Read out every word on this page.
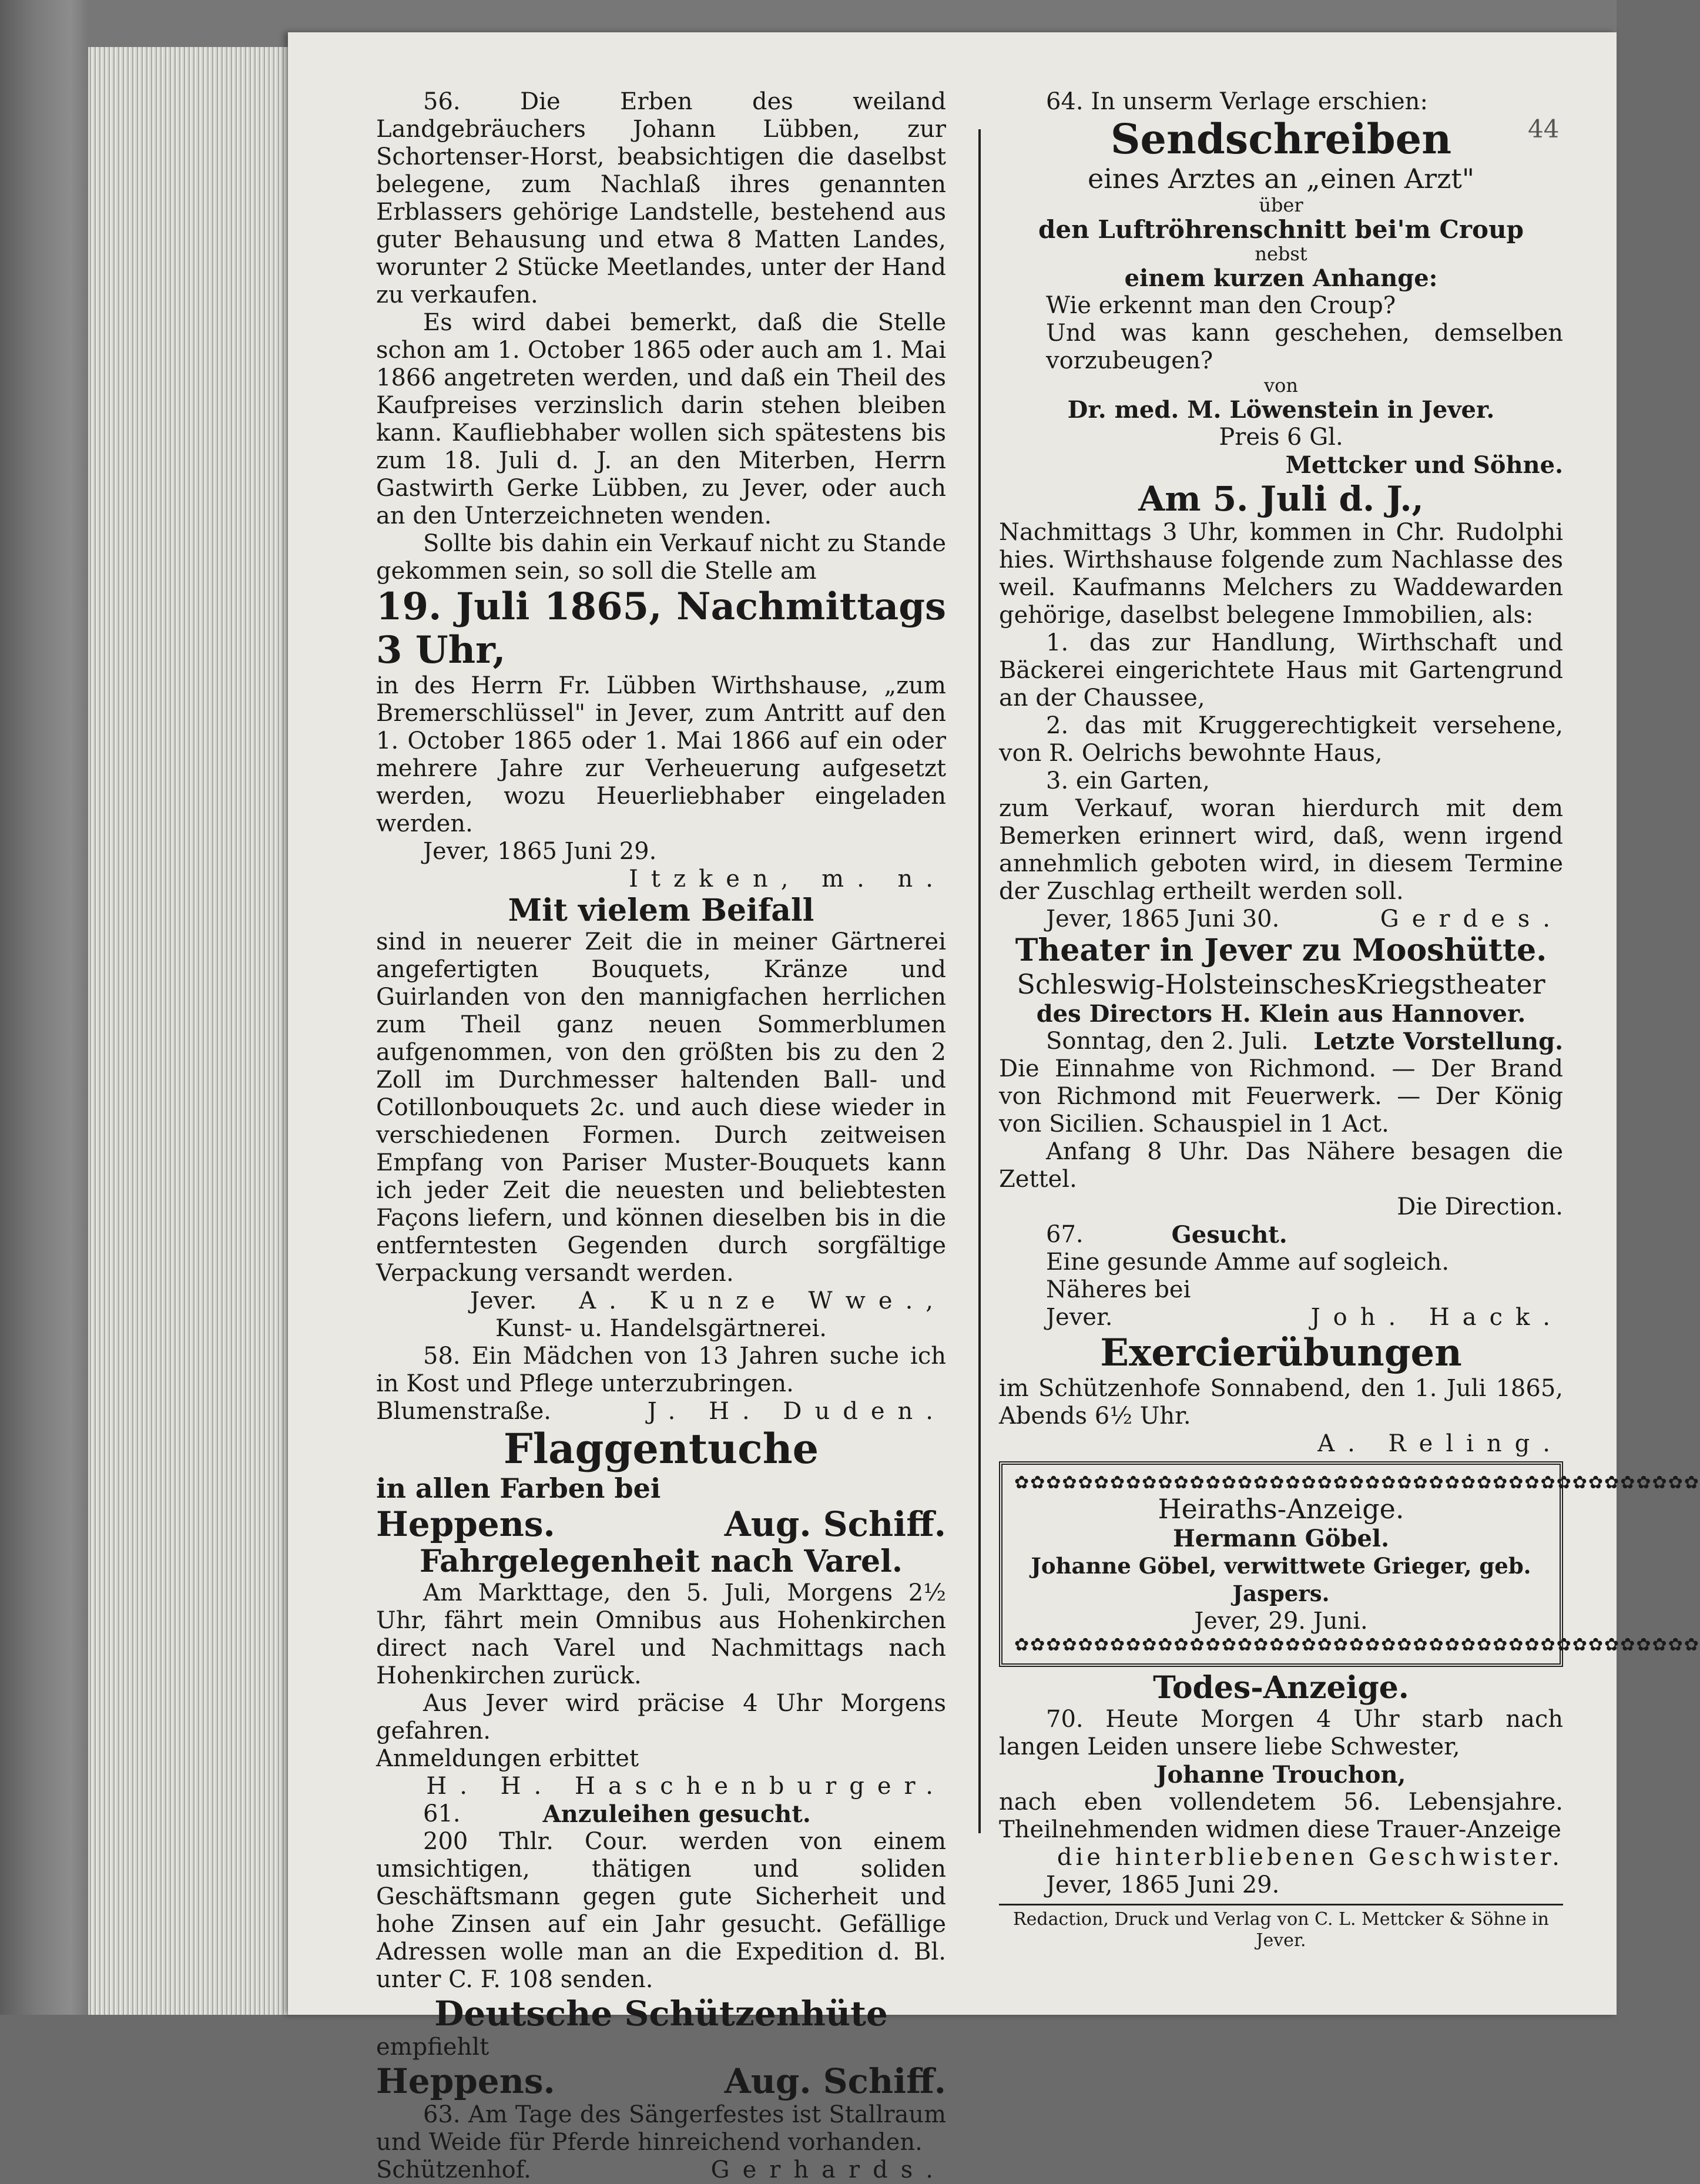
44

56. Die Erben des weiland Landgebräuchers Johann Lübben, zur Schortenser-Horst, beabsichtigen die daselbst belegene, zum Nachlaß ihres genannten Erblassers gehörige Landstelle, bestehend aus guter Behausung und etwa 8 Matten Landes, worunter 2 Stücke Meetlandes, unter der Hand zu verkaufen.

Es wird dabei bemerkt, daß die Stelle schon am 1. October 1865 oder auch am 1. Mai 1866 angetreten werden, und daß ein Theil des Kaufpreises verzinslich darin stehen bleiben kann. Kaufliebhaber wollen sich spätestens bis zum 18. Juli d. J. an den Miterben, Herrn Gastwirth Gerke Lübben, zu Jever, oder auch an den Unterzeichneten wenden.

Sollte bis dahin ein Verkauf nicht zu Stande gekommen sein, so soll die Stelle am

19. Juli 1865, Nachmittags 3 Uhr,

in des Herrn Fr. Lübben Wirthshause, „zum Bremerschlüssel" in Jever, zum Antritt auf den 1. October 1865 oder 1. Mai 1866 auf ein oder mehrere Jahre zur Verheuerung aufgesetzt werden, wozu Heuerliebhaber eingeladen werden.

Jever, 1865 Juni 29.

Itzken, m. n.

Mit vielem Beifall

sind in neuerer Zeit die in meiner Gärtnerei angefertigten Bouquets, Kränze und Guirlanden von den mannigfachen herrlichen zum Theil ganz neuen Sommerblumen aufgenommen, von den größten bis zu den 2 Zoll im Durchmesser haltenden Ball- und Cotillonbouquets 2c. und auch diese wieder in verschiedenen Formen. Durch zeitweisen Empfang von Pariser Muster-Bouquets kann ich jeder Zeit die neuesten und beliebtesten Façons liefern, und können dieselben bis in die entferntesten Gegenden durch sorgfältige Verpackung versandt werden.

Jever. A. Kunze Wwe.,

Kunst- u. Handelsgärtnerei.

58. Ein Mädchen von 13 Jahren suche ich in Kost und Pflege unterzubringen.

Blumenstraße.	J. H. Duden.

Flaggentuche

in allen Farben bei

Heppens.	Aug. Schiff.

Fahrgelegenheit nach Varel.

Am Markttage, den 5. Juli, Morgens 2½ Uhr, fährt mein Omnibus aus Hohenkirchen direct nach Varel und Nachmittags nach Hohenkirchen zurück.

Aus Jever wird präcise 4 Uhr Morgens gefahren.

Anmeldungen erbittet

H. H. Haschenburger.

61.	Anzuleihen gesucht.

200 Thlr. Cour. werden von einem umsichtigen, thätigen und soliden Geschäftsmann gegen gute Sicherheit und hohe Zinsen auf ein Jahr gesucht. Gefällige Adressen wolle man an die Expedition d. Bl. unter C. F. 108 senden.

Deutsche Schützenhüte

empfiehlt

Heppens.	Aug. Schiff.

63. Am Tage des Sängerfestes ist Stallraum und Weide für Pferde hinreichend vorhanden.

Schützenhof.	Gerhards.

64. In unserm Verlage erschien:

Sendschreiben

eines Arztes an „einen Arzt"

über

den Luftröhrenschnitt bei'm Croup

nebst

einem kurzen Anhange:

Wie erkennt man den Croup?

Und was kann geschehen, demselben vorzubeugen?

von

Dr. med. M. Löwenstein in Jever.

Preis 6 Gl.

Mettcker und Söhne.

Am 5. Juli d. J.,

Nachmittags 3 Uhr, kommen in Chr. Rudolphi hies. Wirthshause folgende zum Nachlasse des weil. Kaufmanns Melchers zu Waddewarden gehörige, daselbst belegene Immobilien, als:

1. das zur Handlung, Wirthschaft und Bäckerei eingerichtete Haus mit Gartengrund an der Chaussee,

2. das mit Kruggerechtigkeit versehene, von R. Oelrichs bewohnte Haus,

3. ein Garten,

zum Verkauf, woran hierdurch mit dem Bemerken erinnert wird, daß, wenn irgend annehmlich geboten wird, in diesem Termine der Zuschlag ertheilt werden soll.

Jever, 1865 Juni 30.	Gerdes.

Theater in Jever zu Mooshütte.

Schleswig-HolsteinschesKriegstheater

des Directors H. Klein aus Hannover.

Sonntag, den 2. Juli. Letzte Vorstellung.

Die Einnahme von Richmond. — Der Brand von Richmond mit Feuerwerk. — Der König von Sicilien. Schauspiel in 1 Act.

Anfang 8 Uhr. Das Nähere besagen die Zettel.

Die Direction.

67.	Gesucht.

Eine gesunde Amme auf sogleich.

Näheres bei

Jever.	Joh. Hack.

Exercierübungen

im Schützenhofe Sonnabend, den 1. Juli 1865, Abends 6½ Uhr.

A. Reling.

✿✿✿✿✿✿✿✿✿✿✿✿✿✿✿✿✿✿✿✿✿✿✿✿✿✿✿✿✿✿✿✿✿✿✿✿✿✿✿✿✿✿✿

Heiraths-Anzeige.

Hermann Göbel.

Johanne Göbel, verwittwete Grieger, geb. Jaspers.

Jever, 29. Juni.

✿✿✿✿✿✿✿✿✿✿✿✿✿✿✿✿✿✿✿✿✿✿✿✿✿✿✿✿✿✿✿✿✿✿✿✿✿✿✿✿✿✿✿

Todes-Anzeige.

70. Heute Morgen 4 Uhr starb nach langen Leiden unsere liebe Schwester,

Johanne Trouchon,

nach eben vollendetem 56. Lebensjahre. Theilnehmenden widmen diese Trauer-Anzeige

die hinterbliebenen Geschwister.

Jever, 1865 Juni 29.

Redaction, Druck und Verlag von C. L. Mettcker & Söhne in Jever.
